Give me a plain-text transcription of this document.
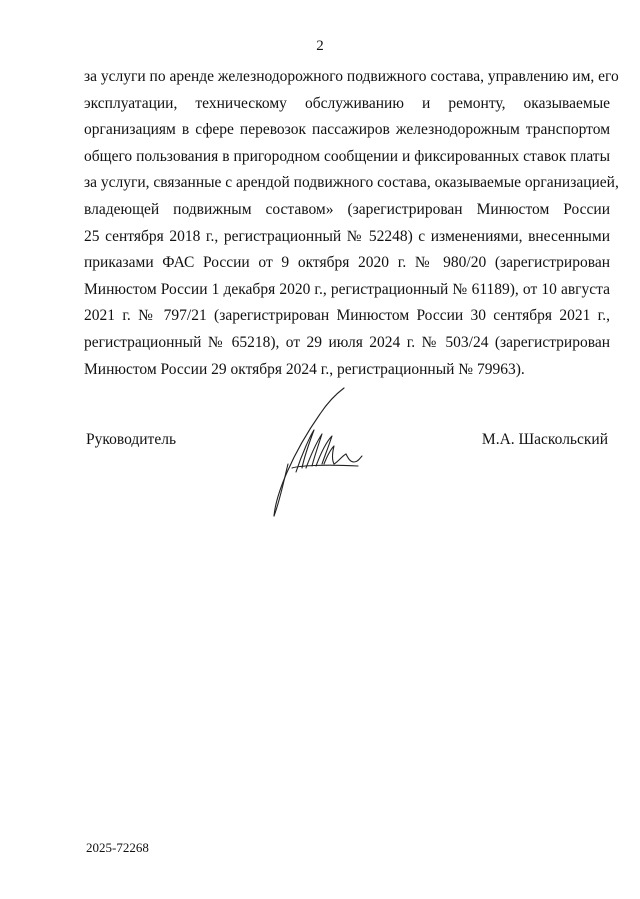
2
за услуги по аренде железнодорожного подвижного состава, управлению им, его
эксплуатации, техническому обслуживанию и ремонту, оказываемые
организациям в сфере перевозок пассажиров железнодорожным транспортом
общего пользования в пригородном сообщении и фиксированных ставок платы
за услуги, связанные с арендой подвижного состава, оказываемые организацией,
владеющей подвижным составом» (зарегистрирован Минюстом России
25 сентября 2018 г., регистрационный № 52248) с изменениями, внесенными
приказами ФАС России от 9 октября 2020 г. № 980/20 (зарегистрирован
Минюстом России 1 декабря 2020 г., регистрационный № 61189), от 10 августа
2021 г. № 797/21 (зарегистрирован Минюстом России 30 сентября 2021 г.,
регистрационный № 65218), от 29 июля 2024 г. № 503/24 (зарегистрирован
Минюстом России 29 октября 2024 г., регистрационный № 79963).
Руководитель	М.А. Шаскольский
2025-72268
